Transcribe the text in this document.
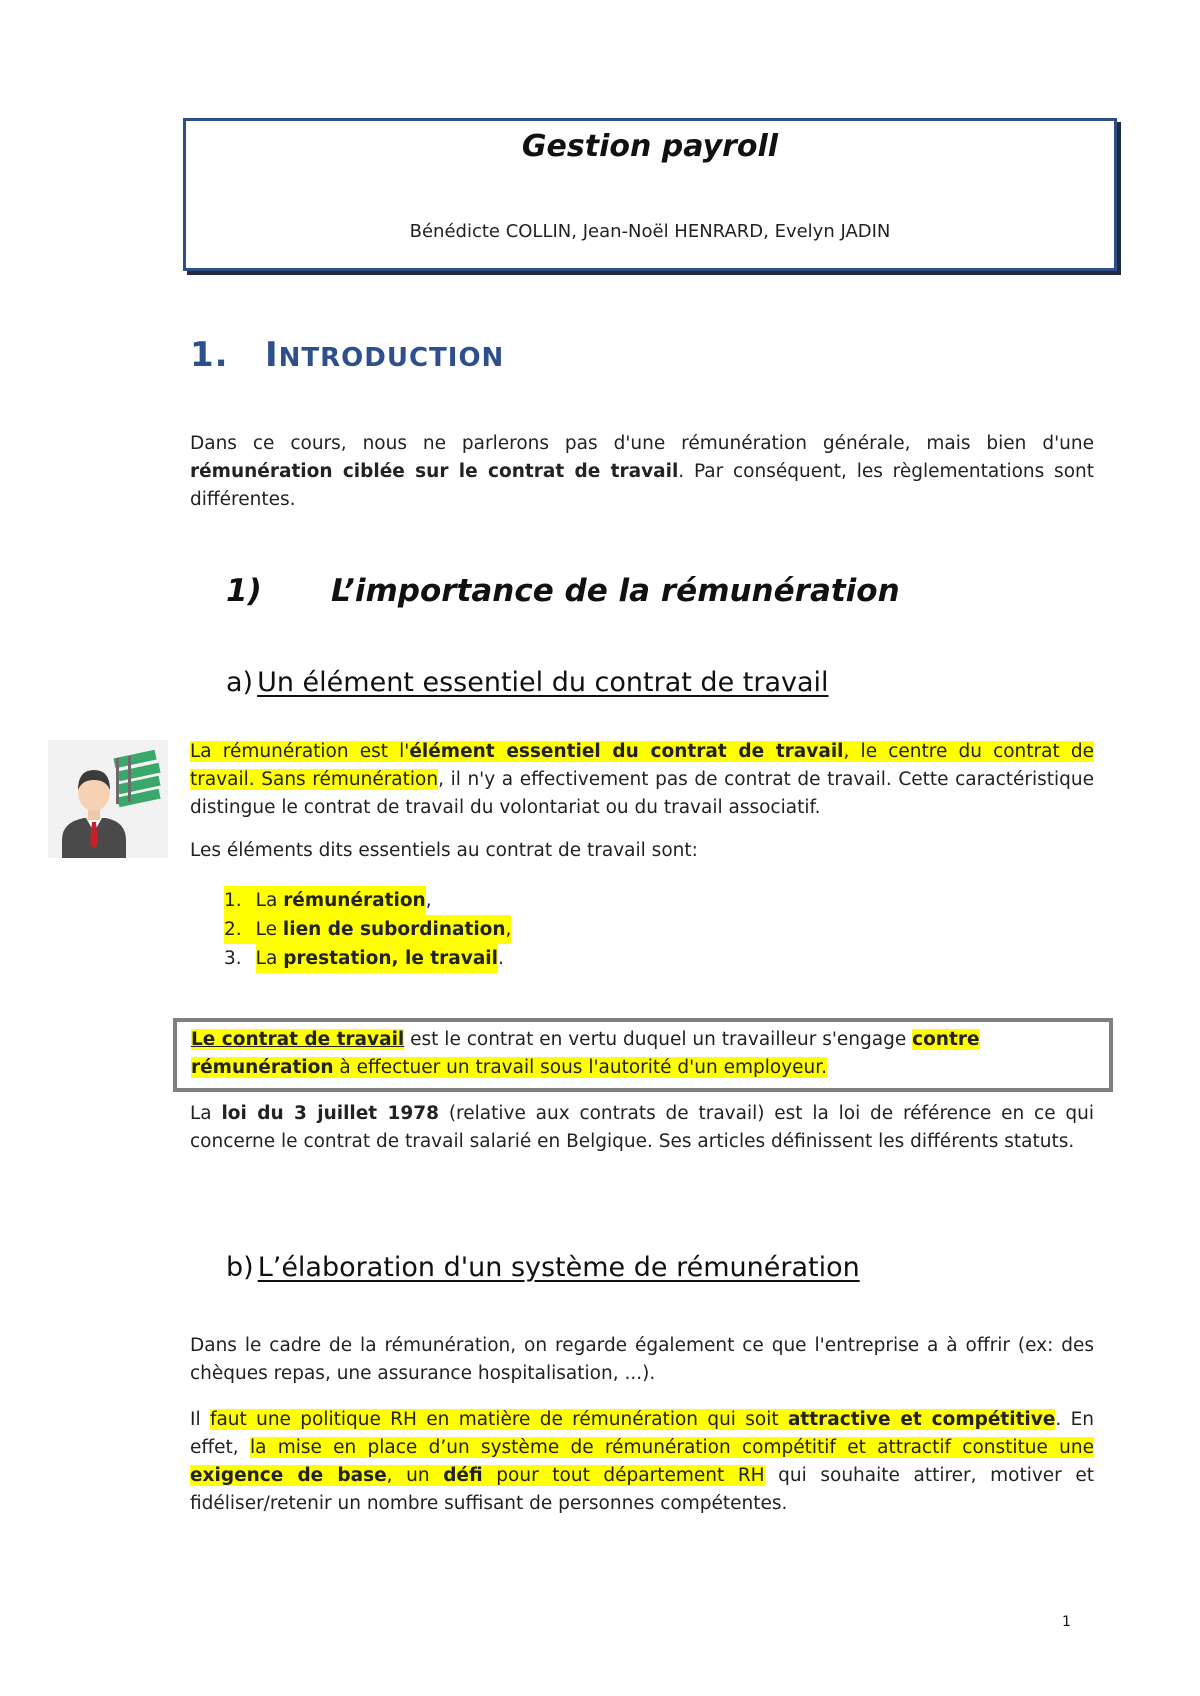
Gestion payroll
Bénédicte COLLIN, Jean-Noël HENRARD, Evelyn JADIN
1. INTRODUCTION

Dans ce cours, nous ne parlerons pas d'une rémunération générale, mais bien d'une rémunération ciblée sur le contrat de travail. Par conséquent, les règlementations sont différentes.

1) L’importance de la rémunération
a) Un élément essentiel du contrat de travail

La rémunération est l'élément essentiel du contrat de travail, le centre du contrat de travail. Sans rémunération, il n'y a effectivement pas de contrat de travail. Cette caractéristique distingue le contrat de travail du volontariat ou du travail associatif.

Les éléments dits essentiels au contrat de travail sont:

1. La rémunération ,
2. Le lien de subordination,
3. La prestation, le travail .
Le contrat de travail est le contrat en vertu duquel un travailleur s'engage contre rémunération à effectuer un travail sous l'autorité d'un employeur.

La loi du 3 juillet 1978 (relative aux contrats de travail) est la loi de référence en ce qui concerne le contrat de travail salarié en Belgique. Ses articles définissent les différents statuts.

b) L’élaboration d'un système de rémunération
Dans le cadre de la rémunération, on regarde également ce que l'entreprise a à offrir (ex: des chèques repas, une assurance hospitalisation, ...).

Il faut une politique RH en matière de rémunération qui soit attractive et compétitive. En effet, la mise en place d’un système de rémunération compétitif et attractif constitue une exigence de base, un défi pour tout département RH qui souhaite attirer, motiver et fidéliser/retenir un nombre suffisant de personnes compétentes.

1
